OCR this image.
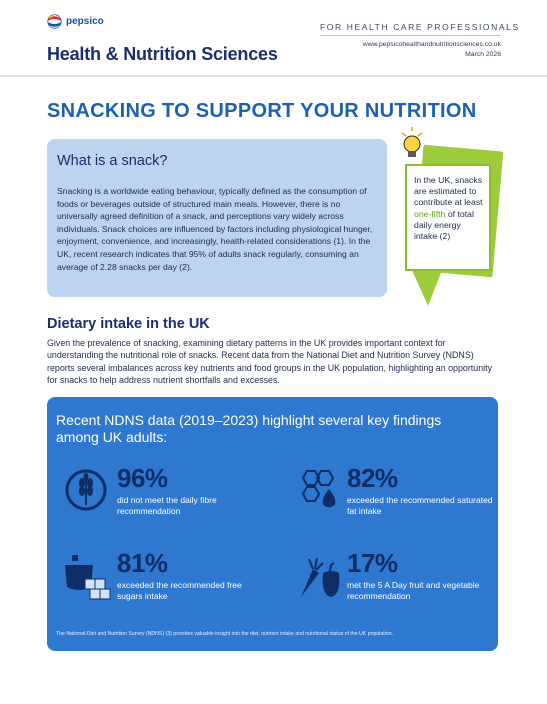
pepsico
Health & Nutrition Sciences
FOR HEALTH CARE PROFESSIONALS
www.pepsicohealthandnutritionsciences.co.uk
March 2026
SNACKING TO SUPPORT YOUR NUTRITION
What is a snack?
Snacking is a worldwide eating behaviour, typically defined as the consumption of foods or beverages outside of structured main meals. However, there is no universally agreed definition of a snack, and perceptions vary widely across individuals. Snack choices are influenced by factors including physiological hunger, enjoyment, convenience, and increasingly, health-related considerations (1). In the UK, recent research indicates that 95% of adults snack regularly, consuming an average of 2.28 snacks per day (2).
In the UK, snacks are estimated to contribute at least one-fifth of total daily energy intake (2)
Dietary intake in the UK
Given the prevalence of snacking, examining dietary patterns in the UK provides important context for understanding the nutritional role of snacks. Recent data from the National Diet and Nutrition Survey (NDNS) reports several imbalances across key nutrients and food groups in the UK population, highlighting an opportunity for snacks to help address nutrient shortfalls and excesses.
Recent NDNS data (2019–2023) highlight several key findings among UK adults:
96%
did not meet the daily fibre recommendation
82%
exceeded the recommended saturated fat intake
81%
exceeded the recommended free sugars intake
17%
met the 5 A Day fruit and vegetable recommendation
The National Diet and Nutrition Survey (NDNS) (3) provides valuable insight into the diet, nutrient intake and nutritional status of the UK population.
